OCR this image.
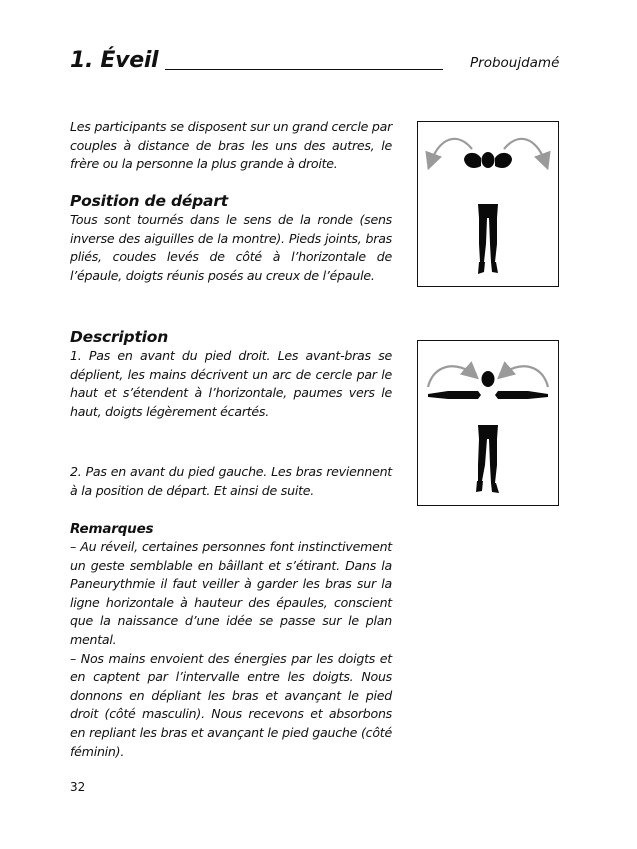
1. Éveil	Proboujdamé

Les participants se disposent sur un grand cercle par couples à distance de bras les uns des autres, le frère ou la personne la plus grande à droite.

Position de départ

Tous sont tournés dans le sens de la ronde (sens inverse des aiguilles de la montre). Pieds joints, bras pliés, coudes levés de côté à l’horizontale de l’épaule, doigts réunis posés au creux de l’épaule.

Description

1. Pas en avant du pied droit. Les avant-bras se déplient, les mains décrivent un arc de cercle par le haut et s’étendent à l’horizontale, paumes vers le haut, doigts légèrement écartés.

2. Pas en avant du pied gauche. Les bras reviennent à la position de départ. Et ainsi de suite.

Remarques

– Au réveil, certaines personnes font instinctivement un geste semblable en bâillant et s’étirant. Dans la Paneurythmie il faut veiller à garder les bras sur la ligne horizontale à hauteur des épaules, conscient que la naissance d’une idée se passe sur le plan mental.

– Nos mains envoient des énergies par les doigts et en captent par l’intervalle entre les doigts. Nous donnons en dépliant les bras et avançant le pied droit (côté masculin). Nous recevons et absorbons en repliant les bras et avançant le pied gauche (côté féminin).

32
